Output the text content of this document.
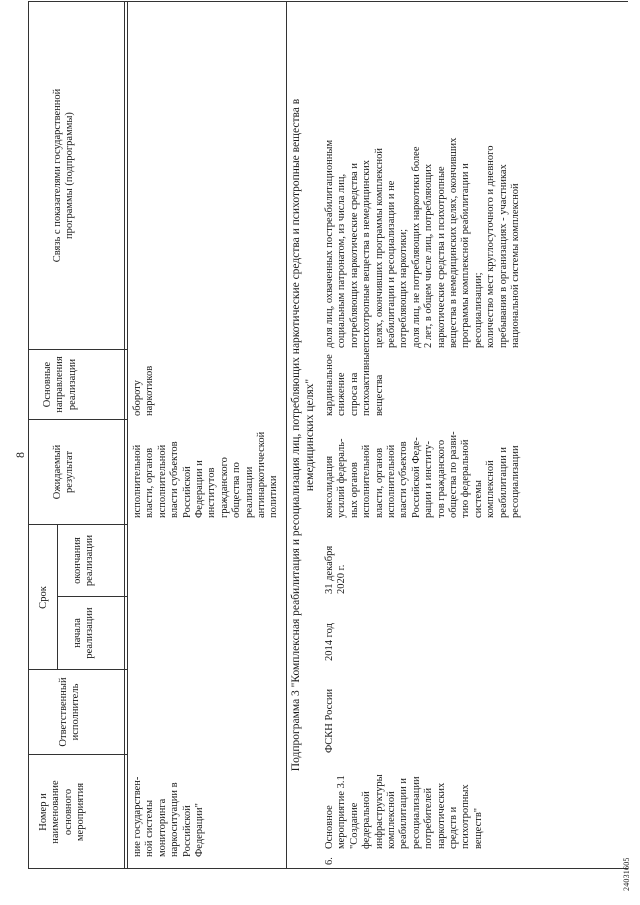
8
Номер и
наименование
основного
мероприятия
Ответственный
исполнитель
Срок
начала
реализации
окончания
реализации
Ожидаемый
результат
Основные
направления
реализации
Связь с показателями государственной
программы (подпрограммы)
ние государствен-
ной системы
мониторинга
наркоситуации в
Российской
Федерации"
исполнительной
власти, органов
исполнительной
власти субъектов
Российской
Федерации и
институтов
гражданского
общества по
реализации
антинаркотической
политики
обороту
наркотиков
Подпрограмма 3 "Комплексная реабилитация и ресоциализация лиц, потребляющих наркотические средства и психотропные вещества в
немедицинских целях"
6.
Основное
мероприятие 3.1
"Создание
федеральной
инфраструктуры
комплексной
реабилитации и
ресоциализации
потребителей
наркотических
средств и
психотропных
веществ"
ФСКН России
2014 год
31 декабря
2020 г.
консолидация
усилий федераль-
ных органов
исполнительной
власти, органов
исполнительной
власти субъектов
Российской Феде-
рации и институ-
тов гражданского
общества по разви-
тию федеральной
системы
комплексной
реабилитации и
ресоциализации
кардинальное
снижение
спроса на
психоактивные
вещества
доля лиц, охваченных постреабилитационным
социальным патронатом, из числа лиц,
потребляющих наркотические средства и
психотропные вещества в немедицинских
целях, окончивших программы комплексной
реабилитации и ресоциализации и не
потребляющих наркотики;
доля лиц, не потребляющих наркотики более
2 лет, в общем числе лиц, потребляющих
наркотические средства и психотропные
вещества в немедицинских целях, окончивших
программы комплексной реабилитации и
ресоциализации;
количество мест круглосуточного и дневного
пребывания в организациях - участниках
национальной системы комплексной
24031605
